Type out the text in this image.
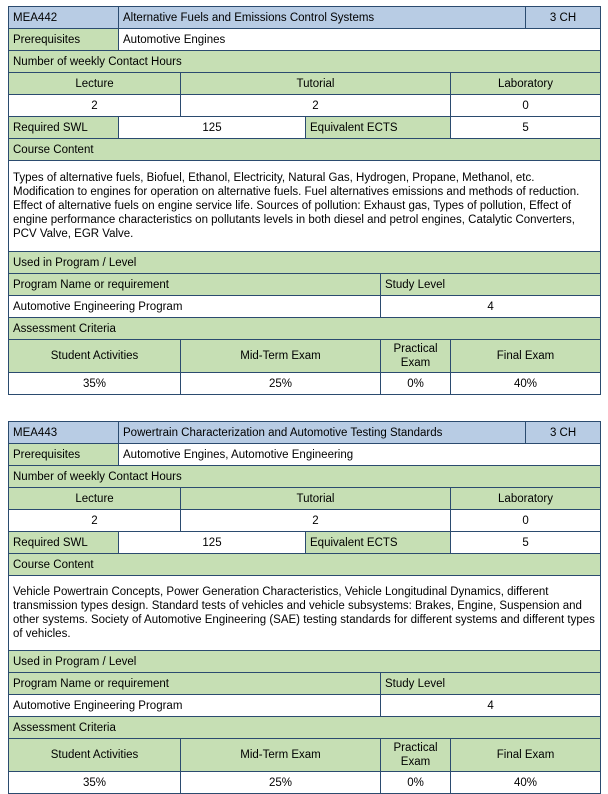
MEA442	Alternative Fuels and Emissions Control Systems					3 CH
Prerequisites	Automotive Engines					
Number of weekly Contact Hours						
Lecture		Tutorial			Laboratory	
2		2			0	
Required SWL	125		Equivalent ECTS		5	
Course Content						
Types of alternative fuels, Biofuel, Ethanol, Electricity, Natural Gas, Hydrogen, Propane, Methanol, etc. Modification to engines for operation on alternative fuels. Fuel alternatives emissions and methods of reduction. Effect of alternative fuels on engine service life. Sources of pollution: Exhaust gas, Types of pollution, Effect of engine performance characteristics on pollutants levels in both diesel and petrol engines, Catalytic Converters, PCV Valve, EGR Valve.						
Used in Program / Level						
Program Name or requirement				Study Level		
Automotive Engineering Program				4		
Assessment Criteria						
Student Activities		Mid-Term Exam		Practical Exam	Final Exam	
35%		25%		0%	40%	
MEA443	Powertrain Characterization and Automotive Testing Standards					3 CH
Prerequisites	Automotive Engines, Automotive Engineering					
Number of weekly Contact Hours						
Lecture		Tutorial			Laboratory	
2		2			0	
Required SWL	125		Equivalent ECTS		5	
Course Content						
Vehicle Powertrain Concepts, Power Generation Characteristics, Vehicle Longitudinal Dynamics, different transmission types design. Standard tests of vehicles and vehicle subsystems: Brakes, Engine, Suspension and other systems. Society of Automotive Engineering (SAE) testing standards for different systems and different types of vehicles.						
Used in Program / Level						
Program Name or requirement				Study Level		
Automotive Engineering Program				4		
Assessment Criteria						
Student Activities		Mid-Term Exam		Practical Exam	Final Exam	
35%		25%		0%	40%	
